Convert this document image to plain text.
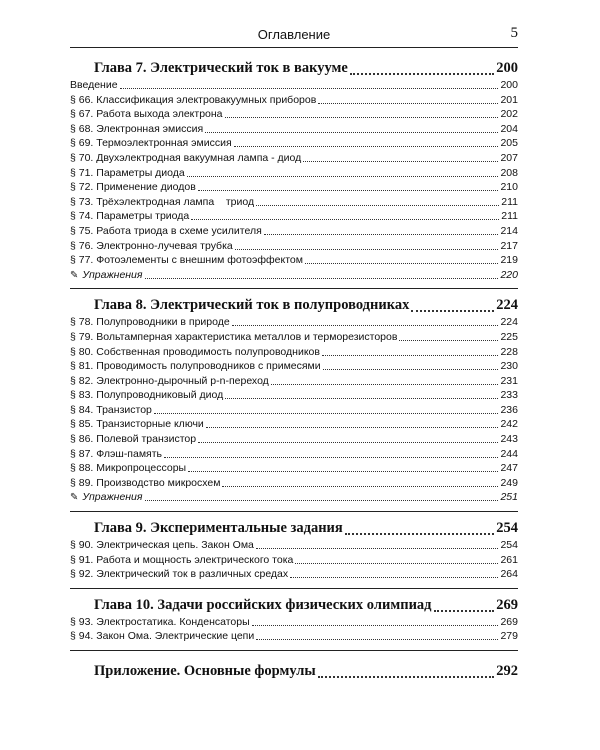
Оглавление	5
Глава 7. Электрический ток в вакууме	200
Введение	200
§ 66. Классификация электровакуумных приборов	201
§ 67. Работа выхода электрона	202
§ 68. Электронная эмиссия	204
§ 69. Термоэлектронная эмиссия	205
§ 70. Двухэлектродная вакуумная лампа - диод	207
§ 71. Параметры диода	208
§ 72. Применение диодов	210
§ 73. Трёхэлектродная лампа    триод	211
§ 74. Параметры триода	211
§ 75. Работа триода в схеме усилителя	214
§ 76. Электронно-лучевая трубка	217
§ 77. Фотоэлементы с внешним фотоэффектом	219
✎ Упражнения	220
Глава 8. Электрический ток в полупроводниках	224
§ 78. Полупроводники в природе	224
§ 79. Вольтамперная характеристика металлов и терморезисторов	225
§ 80. Собственная проводимость полупроводников	228
§ 81. Проводимость полупроводников с примесями	230
§ 82. Электронно-дырочный p-n-переход	231
§ 83. Полупроводниковый диод	233
§ 84. Транзистор	236
§ 85. Транзисторные ключи	242
§ 86. Полевой транзистор	243
§ 87. Флэш-память	244
§ 88. Микропроцессоры	247
§ 89. Производство микросхем	249
✎ Упражнения	251
Глава 9. Экспериментальные задания	254
§ 90. Электрическая цепь. Закон Ома	254
§ 91. Работа и мощность электрического тока	261
§ 92. Электрический ток в различных средах	264
Глава 10. Задачи российских физических олимпиад	269
§ 93. Электростатика. Конденсаторы	269
§ 94. Закон Ома. Электрические цепи	279
Приложение. Основные формулы	292
